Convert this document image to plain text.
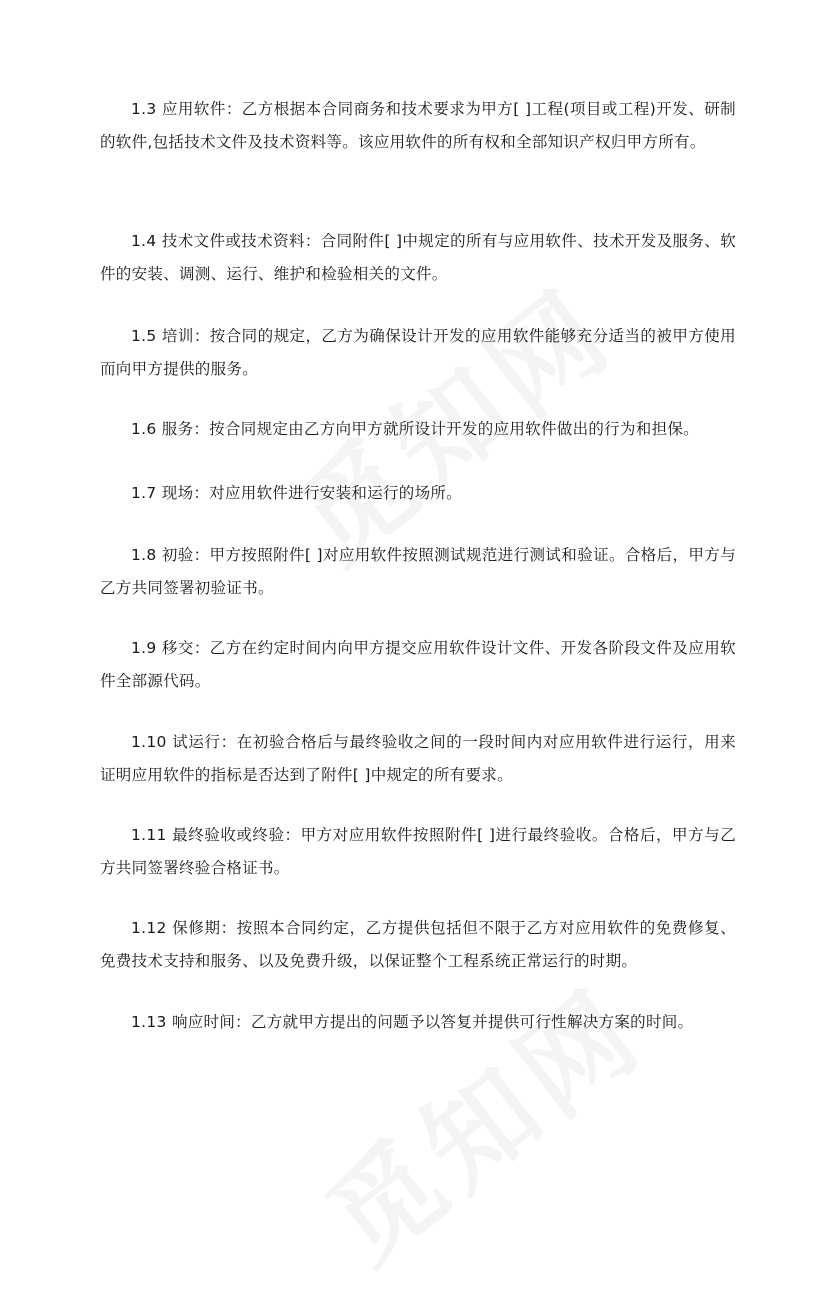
1.3 应用软件：乙方根据本合同商务和技术要求为甲方[ ]工程(项目或工程)开发、研制的软件,包括技术文件及技术资料等。该应用软件的所有权和全部知识产权归甲方所有。

1.4 技术文件或技术资料：合同附件[ ]中规定的所有与应用软件、技术开发及服务、软件的安装、调测、运行、维护和检验相关的文件。

1.5 培训：按合同的规定，乙方为确保设计开发的应用软件能够充分适当的被甲方使用而向甲方提供的服务。

1.6 服务：按合同规定由乙方向甲方就所设计开发的应用软件做出的行为和担保。

1.7 现场：对应用软件进行安装和运行的场所。

1.8 初验：甲方按照附件[ ]对应用软件按照测试规范进行测试和验证。合格后，甲方与乙方共同签署初验证书。

1.9 移交：乙方在约定时间内向甲方提交应用软件设计文件、开发各阶段文件及应用软件全部源代码。

1.10 试运行：在初验合格后与最终验收之间的一段时间内对应用软件进行运行，用来证明应用软件的指标是否达到了附件[ ]中规定的所有要求。

1.11 最终验收或终验：甲方对应用软件按照附件[ ]进行最终验收。合格后，甲方与乙方共同签署终验合格证书。

1.12 保修期：按照本合同约定，乙方提供包括但不限于乙方对应用软件的免费修复、免费技术支持和服务、以及免费升级，以保证整个工程系统正常运行的时期。

1.13 响应时间：乙方就甲方提出的问题予以答复并提供可行性解决方案的时间。
